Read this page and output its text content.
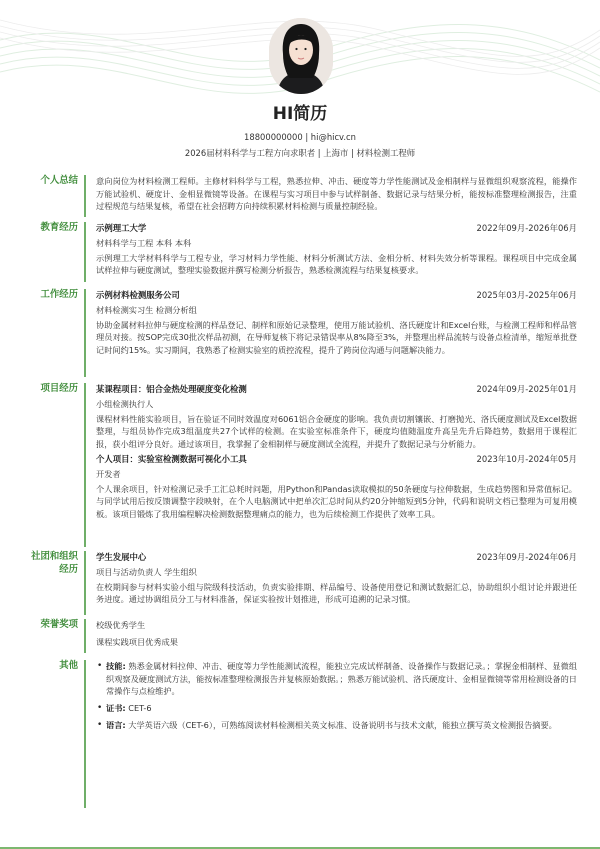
HI简历
18800000000 | hi@hicv.cn
2026届材料科学与工程方向求职者 | 上海市 | 材料检测工程师
个人总结 意向岗位为材料检测工程师。主修材料科学与工程，熟悉拉伸、冲击、硬度等力学性能测试及金相制样与显微组织观察流程，能操作万能试验机、硬度计、金相显微镜等设备。在课程与实习项目中参与试样制备、数据记录与结果分析，能按标准整理检测报告，注重过程规范与结果复核，希望在社会招聘方向持续积累材料检测与质量控制经验。
教育经历 示例理工大学	2022年09月-2026年06月
材料科学与工程 本科 本科
示例理工大学材料科学与工程专业，学习材料力学性能、材料分析测试方法、金相分析、材料失效分析等课程。课程项目中完成金属试样拉伸与硬度测试，整理实验数据并撰写检测分析报告，熟悉检测流程与结果复核要求。
工作经历 示例材料检测服务公司	2025年03月-2025年06月
材料检测实习生 检测分析组
协助金属材料拉伸与硬度检测的样品登记、制样和原始记录整理，使用万能试验机、洛氏硬度计和Excel台账，与检测工程师和样品管理员对接。按SOP完成30批次样品初测，在导师复核下将记录错误率从8%降至3%，并整理出样品流转与设备点检清单，缩短单批登记时间约15%。实习期间，我熟悉了检测实验室的质控流程，提升了跨岗位沟通与问题解决能力。
项目经历 某课程项目：铝合金热处理硬度变化检测	2024年09月-2025年01月
小组检测执行人
课程材料性能实验项目，旨在验证不同时效温度对6061铝合金硬度的影响。我负责切割镶嵌、打磨抛光、洛氏硬度测试及Excel数据整理，与组员协作完成3组温度共27个试样的检测。在实验室标准条件下，硬度均值随温度升高呈先升后降趋势，数据用于课程汇报，获小组评分良好。通过该项目，我掌握了金相制样与硬度测试全流程，并提升了数据记录与分析能力。
个人项目：实验室检测数据可视化小工具	2023年10月-2024年05月
开发者
个人课余项目，针对检测记录手工汇总耗时问题，用Python和Pandas读取模拟的50条硬度与拉伸数据，生成趋势图和异常值标记。与同学试用后按反馈调整字段映射，在个人电脑测试中把单次汇总时间从约20分钟缩短到5分钟，代码和说明文档已整理为可复用模板。该项目锻炼了我用编程解决检测数据整理痛点的能力，也为后续检测工作提供了效率工具。
社团和组织
经历
学生发展中心	2023年09月-2024年06月
项目与活动负责人 学生组织
在校期间参与材料实验小组与院级科技活动，负责实验排期、样品编号、设备使用登记和测试数据汇总，协助组织小组讨论并跟进任务进度。通过协调组员分工与材料准备，保证实验按计划推进，形成可追溯的记录习惯。
荣誉奖项 校级优秀学生
课程实践项目优秀成果
其他
•	技能: 熟悉金属材料拉伸、冲击、硬度等力学性能测试流程，能独立完成试样制备、设备操作与数据记录。；掌握金相制样、显微组织观察及硬度测试方法，能按标准整理检测报告并复核原始数据。；熟悉万能试验机、洛氏硬度计、金相显微镜等常用检测设备的日常操作与点检维护。
• 证书: CET-6
• 语言: 大学英语六级（CET-6），可熟练阅读材料检测相关英文标准、设备说明书与技术文献，能独立撰写英文检测报告摘要。
